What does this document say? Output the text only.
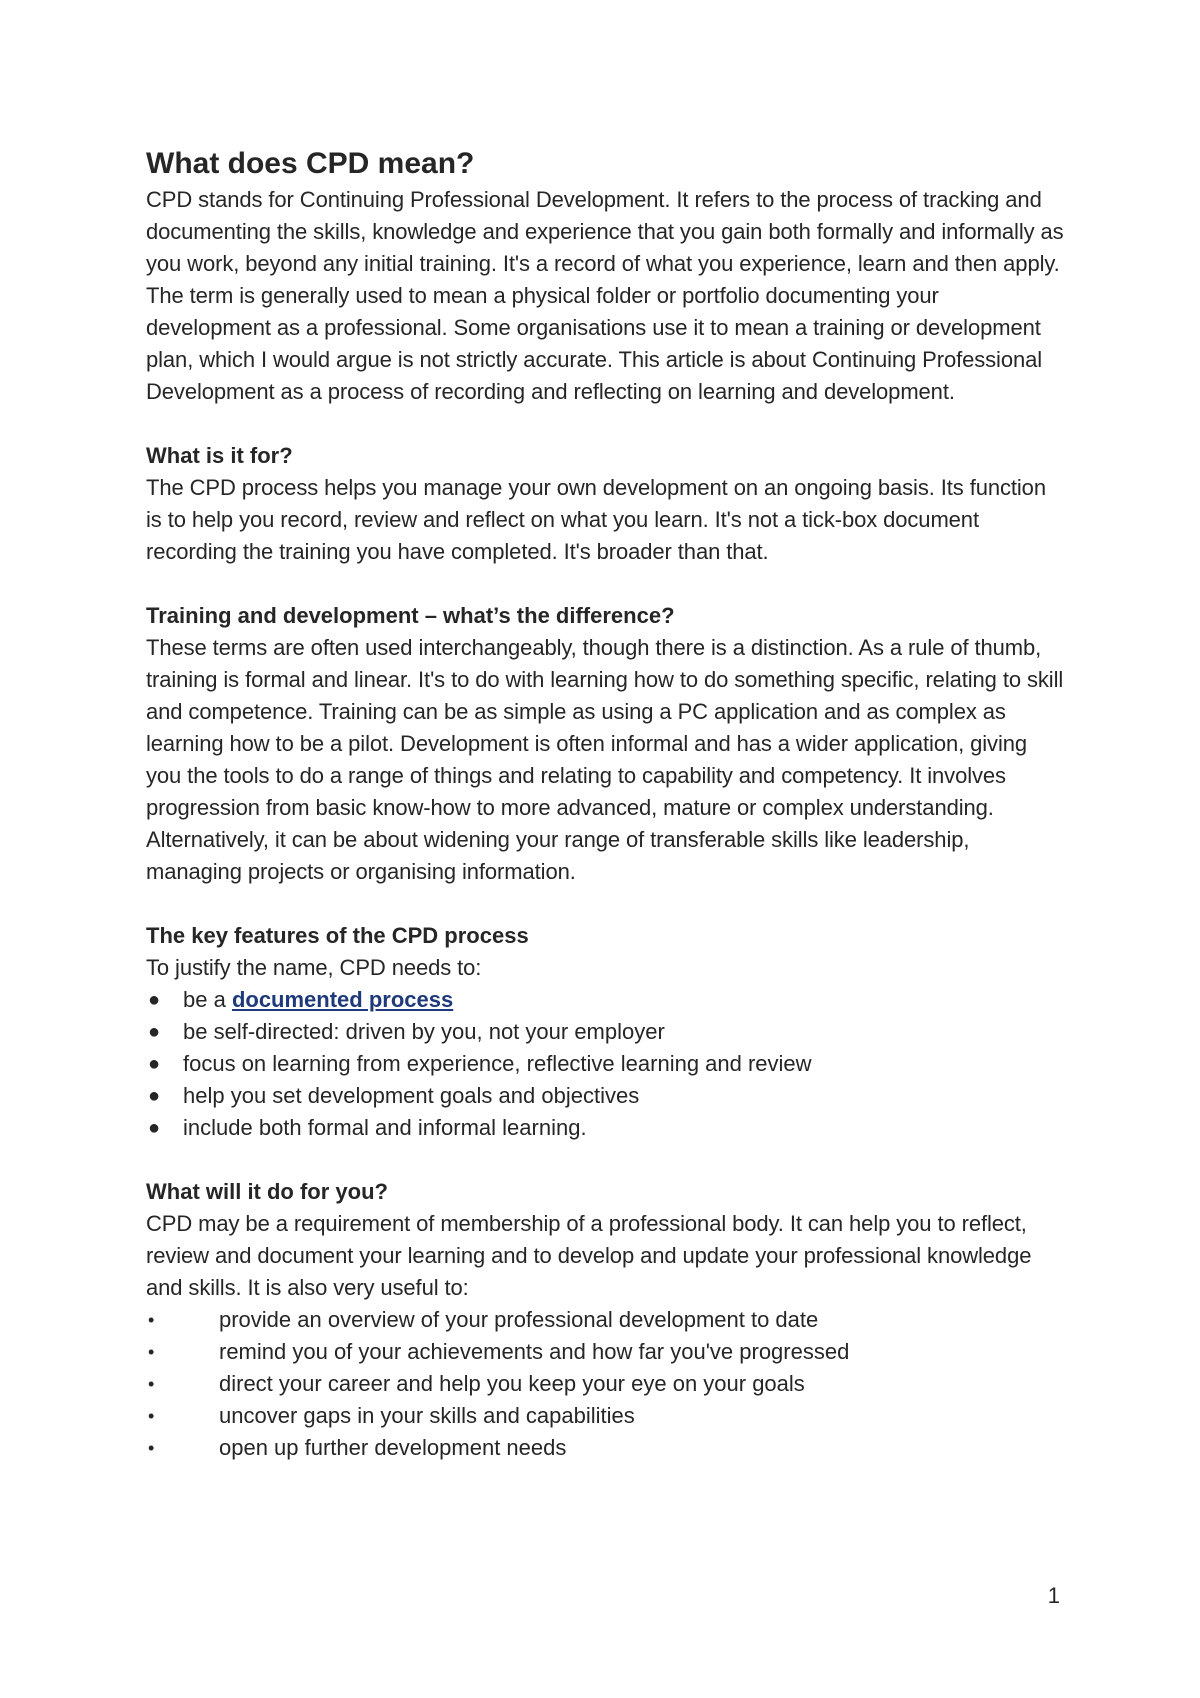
What does CPD mean?

CPD stands for Continuing Professional Development. It refers to the process of tracking and documenting the skills, knowledge and experience that you gain both formally and informally as you work, beyond any initial training. It's a record of what you experience, learn and then apply. The term is generally used to mean a physical folder or portfolio documenting your development as a professional. Some organisations use it to mean a training or development plan, which I would argue is not strictly accurate. This article is about Continuing Professional Development as a process of recording and reflecting on learning and development.

What is it for?

The CPD process helps you manage your own development on an ongoing basis. Its function is to help you record, review and reflect on what you learn. It's not a tick-box document recording the training you have completed. It's broader than that.

Training and development – what’s the difference?

These terms are often used interchangeably, though there is a distinction. As a rule of thumb, training is formal and linear. It's to do with learning how to do something specific, relating to skill and competence. Training can be as simple as using a PC application and as complex as learning how to be a pilot. Development is often informal and has a wider application, giving you the tools to do a range of things and relating to capability and competency. It involves progression from basic know-how to more advanced, mature or complex understanding. Alternatively, it can be about widening your range of transferable skills like leadership, managing projects or organising information.

The key features of the CPD process

To justify the name, CPD needs to:

● be a documented process
● be self-directed: driven by you, not your employer
● focus on learning from experience, reflective learning and review
● help you set development goals and objectives
● include both formal and informal learning.
What will it do for you?

CPD may be a requirement of membership of a professional body. It can help you to reflect, review and document your learning and to develop and update your professional knowledge and skills. It is also very useful to:

•	provide an overview of your professional development to date
•	remind you of your achievements and how far you've progressed
•	direct your career and help you keep your eye on your goals
•	uncover gaps in your skills and capabilities
•	open up further development needs
1
